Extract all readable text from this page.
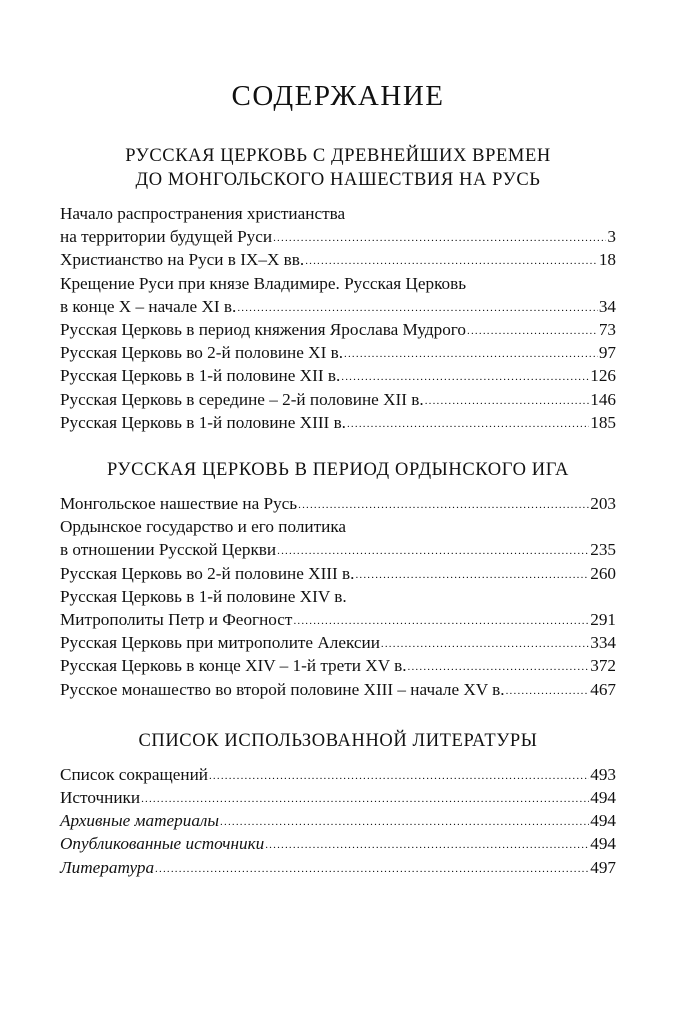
СОДЕРЖАНИЕ
РУССКАЯ ЦЕРКОВЬ С ДРЕВНЕЙШИХ ВРЕМЕН
ДО МОНГОЛЬСКОГО НАШЕСТВИЯ НА РУСЬ
Начало распространения христианства
на территории будущей Руси .....	3
Христианство на Руси в IX–X вв. .....	18
Крещение Руси при князе Владимире. Русская Церковь
в конце X – начале XI в. .....	34
Русская Церковь в период княжения Ярослава Мудрого .....	73
Русская Церковь во 2-й половине XI в. .....	97
Русская Церковь в 1-й половине XII в. .....	126
Русская Церковь в середине – 2-й половине XII в. .....	146
Русская Церковь в 1-й половине XIII в. .....	185
РУССКАЯ ЦЕРКОВЬ В ПЕРИОД ОРДЫНСКОГО ИГА
Монгольское нашествие на Русь .....	203
Ордынское государство и его политика
в отношении Русской Церкви .....	235
Русская Церковь во 2-й половине XIII в. .....	260
Русская Церковь в 1-й половине XIV в.
Митрополиты Петр и Феогност .....	291
Русская Церковь при митрополите Алексии .....	334
Русская Церковь в конце XIV – 1-й трети XV в. .....	372
Русское монашество во второй половине XIII – начале XV в. .....	467
СПИСОК ИСПОЛЬЗОВАННОЙ ЛИТЕРАТУРЫ
Список сокращений .....	493
Источники .....	494
Архивные материалы .....	494
Опубликованные источники .....	494
Литература .....	497
